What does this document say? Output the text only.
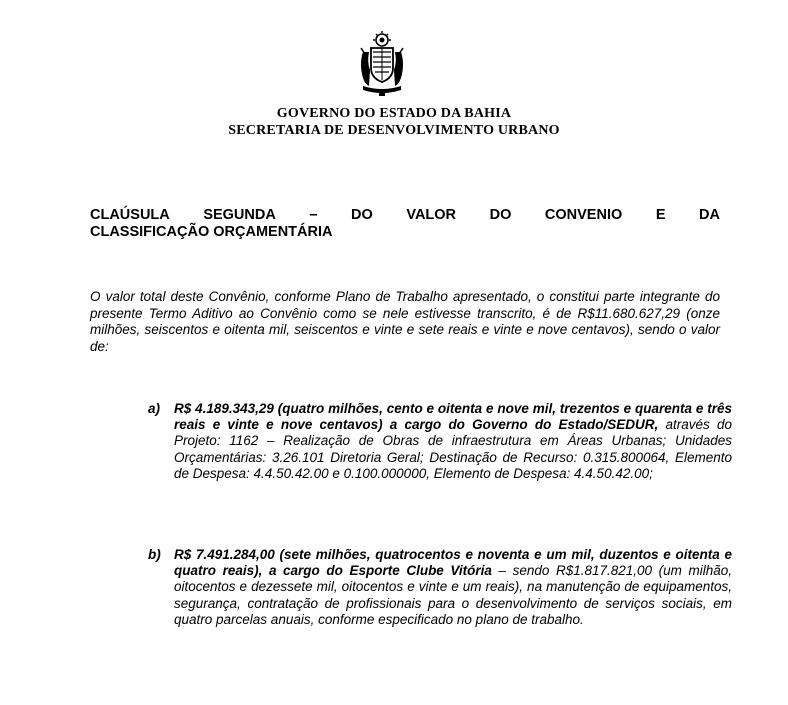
GOVERNO DO ESTADO DA BAHIA
SECRETARIA DE DESENVOLVIMENTO URBANO
CLAÚSULA SEGUNDA – DO VALOR DO CONVENIO E DA
CLASSIFICAÇÃO ORÇAMENTÁRIA
O valor total deste Convênio, conforme Plano de Trabalho apresentado, o constitui parte integrante do presente Termo Aditivo ao Convênio como se nele estivesse transcrito, é de R$11.680.627,29 (onze milhões, seiscentos e oitenta mil, seiscentos e vinte e sete reais e vinte e nove centavos), sendo o valor de:
a)	R$ 4.189.343,29 (quatro milhões, cento e oitenta e nove mil, trezentos e quarenta e três reais e vinte e nove centavos) a cargo do Governo do Estado/SEDUR, através do Projeto: 1162 – Realização de Obras de infraestrutura em Áreas Urbanas; Unidades Orçamentárias: 3.26.101 Diretoria Geral; Destinação de Recurso: 0.315.800064, Elemento de Despesa: 4.4.50.42.00 e 0.100.000000, Elemento de Despesa: 4.4.50.42.00;
b) R$ 7.491.284,00 (sete milhões, quatrocentos e noventa e um mil, duzentos e oitenta e quatro reais), a cargo do Esporte Clube Vitória – sendo R$1.817.821,00 (um milhão, oitocentos e dezessete mil, oitocentos e vinte e um reais), na manutenção de equipamentos, segurança, contratação de profissionais para o desenvolvimento de serviços sociais, em quatro parcelas anuais, conforme especificado no plano de trabalho.
